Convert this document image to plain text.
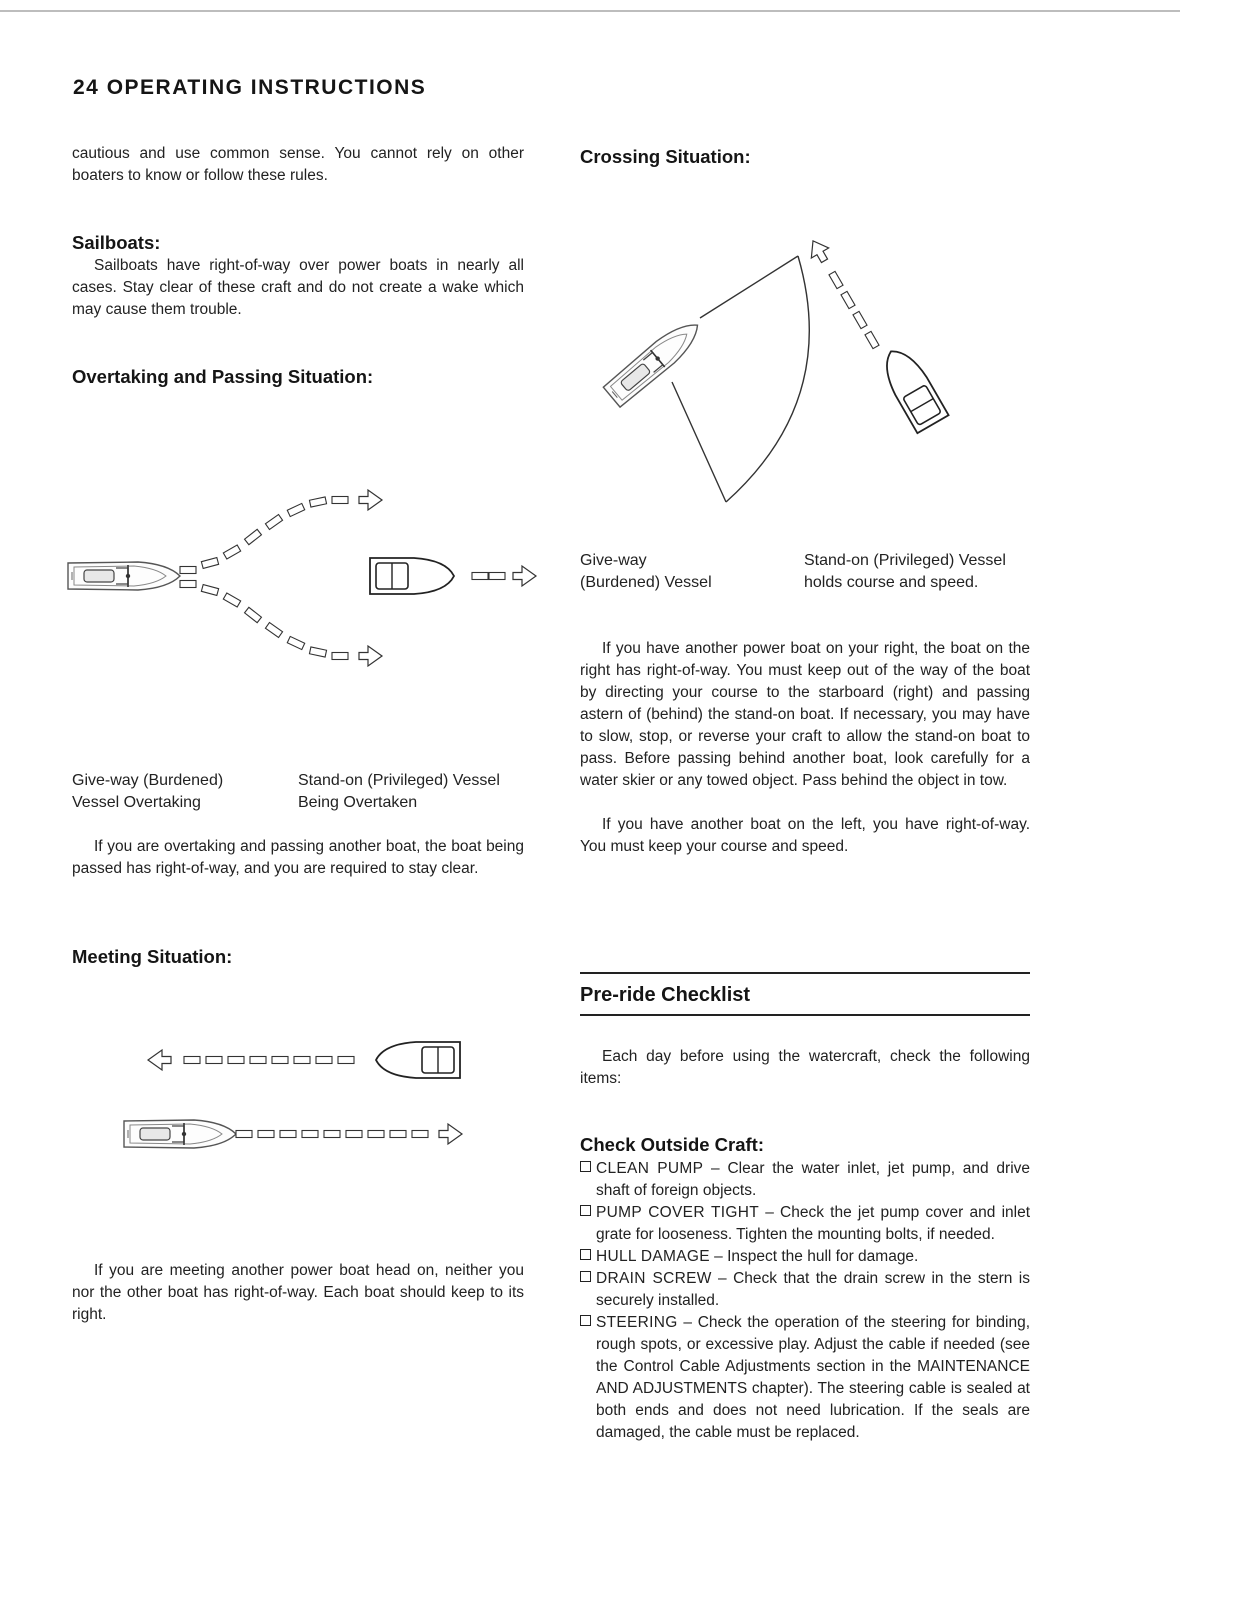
24 OPERATING INSTRUCTIONS

cautious and use common sense. You cannot rely on other boaters to know or follow these rules.

Sailboats:

Sailboats have right-of-way over power boats in nearly all cases. Stay clear of these craft and do not create a wake which may cause them trouble.

Overtaking and Passing Situation:

Give-way (Burdened) Vessel Overtaking

Stand-on (Privileged) Vessel Being Overtaken

If you are overtaking and passing another boat, the boat being passed has right-of-way, and you are required to stay clear.

Meeting Situation:

If you are meeting another power boat head on, neither you nor the other boat has right-of-way. Each boat should keep to its right.

Crossing Situation:

Give-way (Burdened) Vessel

Stand-on (Privileged) Vessel holds course and speed.

If you have another power boat on your right, the boat on the right has right-of-way. You must keep out of the way of the boat by directing your course to the starboard (right) and passing astern of (behind) the stand-on boat. If necessary, you may have to slow, stop, or reverse your craft to allow the stand-on boat to pass. Before passing behind another boat, look carefully for a water skier or any towed object. Pass behind the object in tow.

If you have another boat on the left, you have right-of-way. You must keep your course and speed.

Pre-ride Checklist

Each day before using the watercraft, check the following items:

Check Outside Craft:
CLEAN PUMP – Clear the water inlet, jet pump, and drive shaft of foreign objects.
PUMP COVER TIGHT – Check the jet pump cover and inlet grate for looseness. Tighten the mounting bolts, if needed.
HULL DAMAGE – Inspect the hull for damage.
DRAIN SCREW – Check that the drain screw in the stern is securely installed.
STEERING – Check the operation of the steering for binding, rough spots, or excessive play. Adjust the cable if needed (see the Control Cable Adjustments section in the MAINTENANCE AND ADJUSTMENTS chapter). The steering cable is sealed at both ends and does not need lubrication. If the seals are damaged, the cable must be replaced.
